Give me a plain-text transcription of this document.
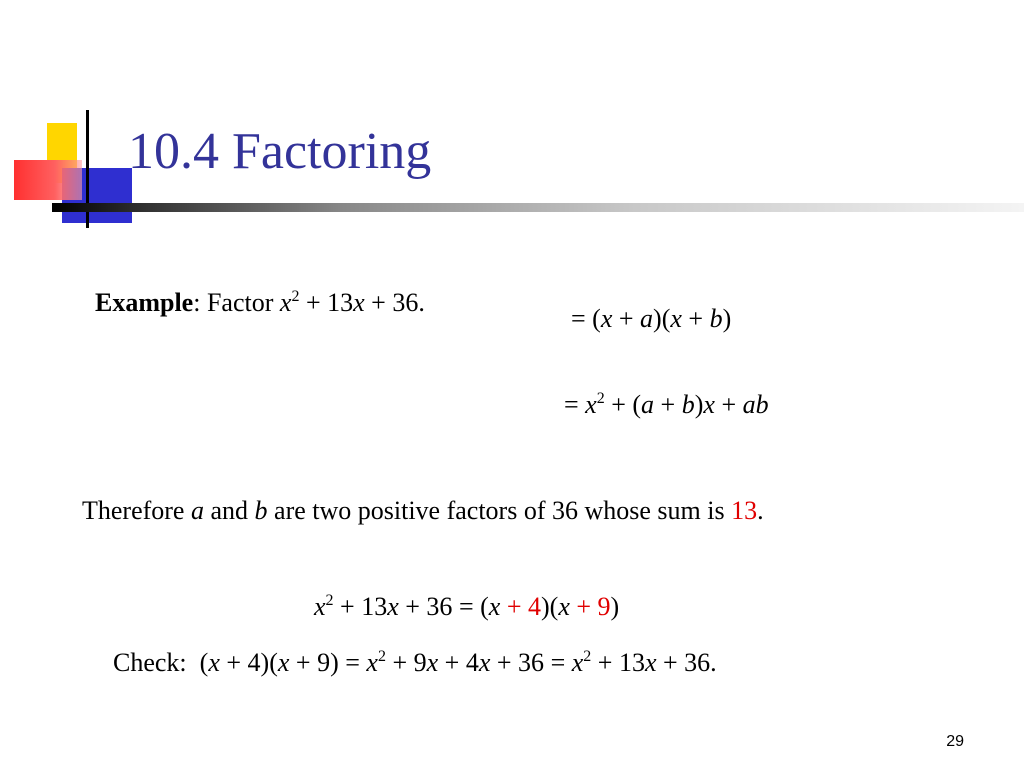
10.4 Factoring
Example: Factor $x^2 + 13x + 36$.
= (x + a)(x + b)
= $x^2 + (a + b)x$ + ab
Therefore a and b are two positive factors of 36 whose sum is 13.
$x^2 + 13x + 36 = (x + 4)(x + 9)$
Check: $(x + 4)(x + 9) = x^2 + 9x + 4x + 36 = x^2 + 13x + 36$.
29
